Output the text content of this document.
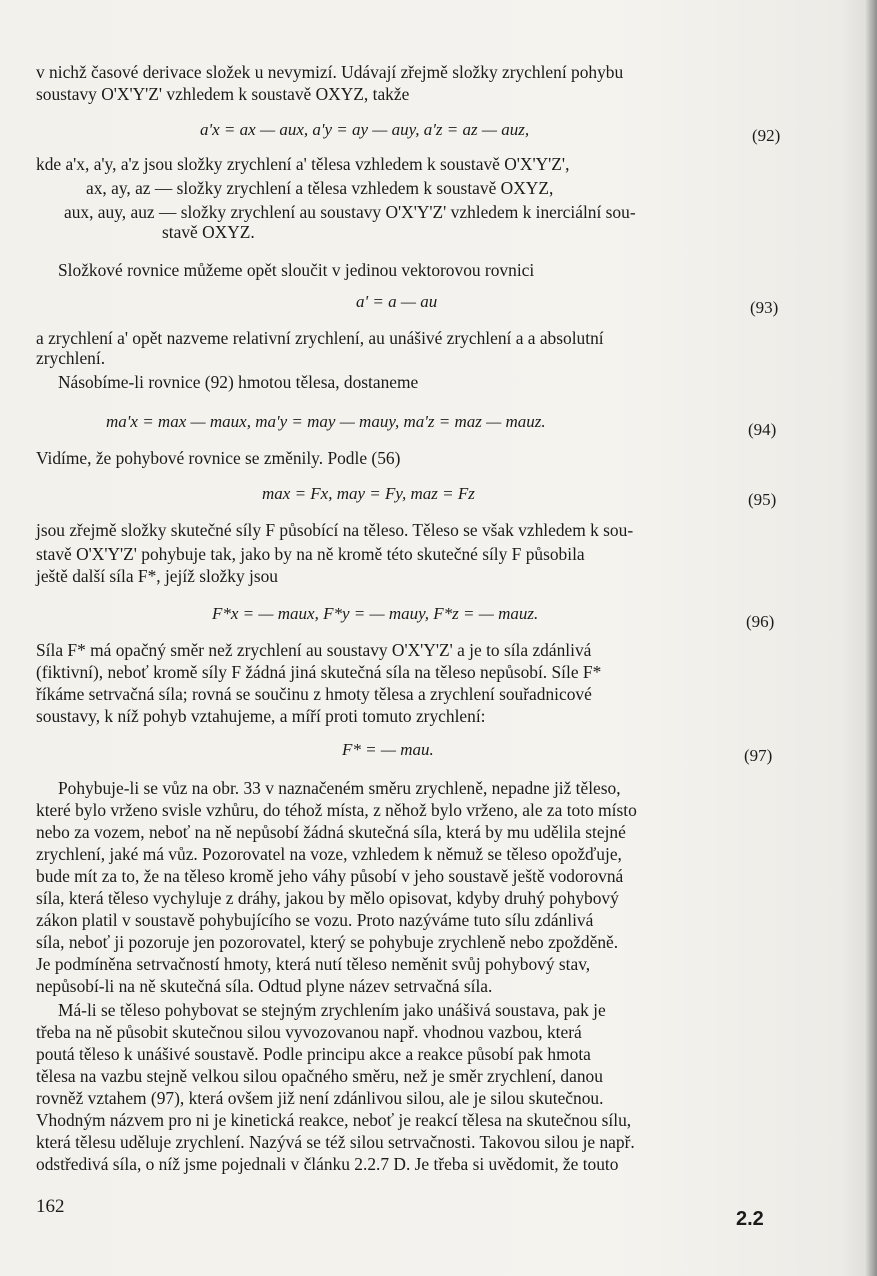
v nichž časové derivace složek u nevymizí. Udávají zřejmě složky zrychlení pohybu
soustavy O'X'Y'Z' vzhledem k soustavě OXYZ, takže
a'x = ax — aux, a'y = ay — auy, a'z = az — auz,	(92)
kde a'x, a'y, a'z jsou složky zrychlení a' tělesa vzhledem k soustavě O'X'Y'Z',
ax, ay, az — složky zrychlení a tělesa vzhledem k soustavě OXYZ,
aux, auy, auz — složky zrychlení au soustavy O'X'Y'Z' vzhledem k inerciální sou-
stavě OXYZ.
Složkové rovnice můžeme opět sloučit v jedinou vektorovou rovnici
a' = a — au	(93)
a zrychlení a' opět nazveme relativní zrychlení, au unášivé zrychlení a a absolutní
zrychlení.
Násobíme-li rovnice (92) hmotou tělesa, dostaneme
ma'x = max — maux, ma'y = may — mauy, ma'z = maz — mauz.	(94)
Vidíme, že pohybové rovnice se změnily. Podle (56)
max = Fx, may = Fy, maz = Fz	(95)
jsou zřejmě složky skutečné síly F působící na těleso. Těleso se však vzhledem k sou-
stavě O'X'Y'Z' pohybuje tak, jako by na ně kromě této skutečné síly F působila
ještě další síla F*, jejíž složky jsou
F*x = — maux, F*y = — mauy, F*z = — mauz.	(96)
Síla F* má opačný směr než zrychlení au soustavy O'X'Y'Z' a je to síla zdánlivá
(fiktivní), neboť kromě síly F žádná jiná skutečná síla na těleso nepůsobí. Síle F*
říkáme setrvačná síla; rovná se součinu z hmoty tělesa a zrychlení souřadnicové
soustavy, k níž pohyb vztahujeme, a míří proti tomuto zrychlení:
F* = — mau.	(97)
Pohybuje-li se vůz na obr. 33 v naznačeném směru zrychleně, nepadne již těleso,
které bylo vrženo svisle vzhůru, do téhož místa, z něhož bylo vrženo, ale za toto místo
nebo za vozem, neboť na ně nepůsobí žádná skutečná síla, která by mu udělila stejné
zrychlení, jaké má vůz. Pozorovatel na voze, vzhledem k němuž se těleso opožďuje,
bude mít za to, že na těleso kromě jeho váhy působí v jeho soustavě ještě vodorovná
síla, která těleso vychyluje z dráhy, jakou by mělo opisovat, kdyby druhý pohybový
zákon platil v soustavě pohybujícího se vozu. Proto nazýváme tuto sílu zdánlivá
síla, neboť ji pozoruje jen pozorovatel, který se pohybuje zrychleně nebo zpožděně.
Je podmíněna setrvačností hmoty, která nutí těleso neměnit svůj pohybový stav,
nepůsobí-li na ně skutečná síla. Odtud plyne název setrvačná síla.
Má-li se těleso pohybovat se stejným zrychlením jako unášivá soustava, pak je
třeba na ně působit skutečnou silou vyvozovanou např. vhodnou vazbou, která
poutá těleso k unášivé soustavě. Podle principu akce a reakce působí pak hmota
tělesa na vazbu stejně velkou silou opačného směru, než je směr zrychlení, danou
rovněž vztahem (97), která ovšem již není zdánlivou silou, ale je silou skutečnou.
Vhodným názvem pro ni je kinetická reakce, neboť je reakcí tělesa na skutečnou sílu,
která tělesu uděluje zrychlení. Nazývá se též silou setrvačnosti. Takovou silou je např.
odstředivá síla, o níž jsme pojednali v článku 2.2.7 D. Je třeba si uvědomit, že touto
162
2.2
